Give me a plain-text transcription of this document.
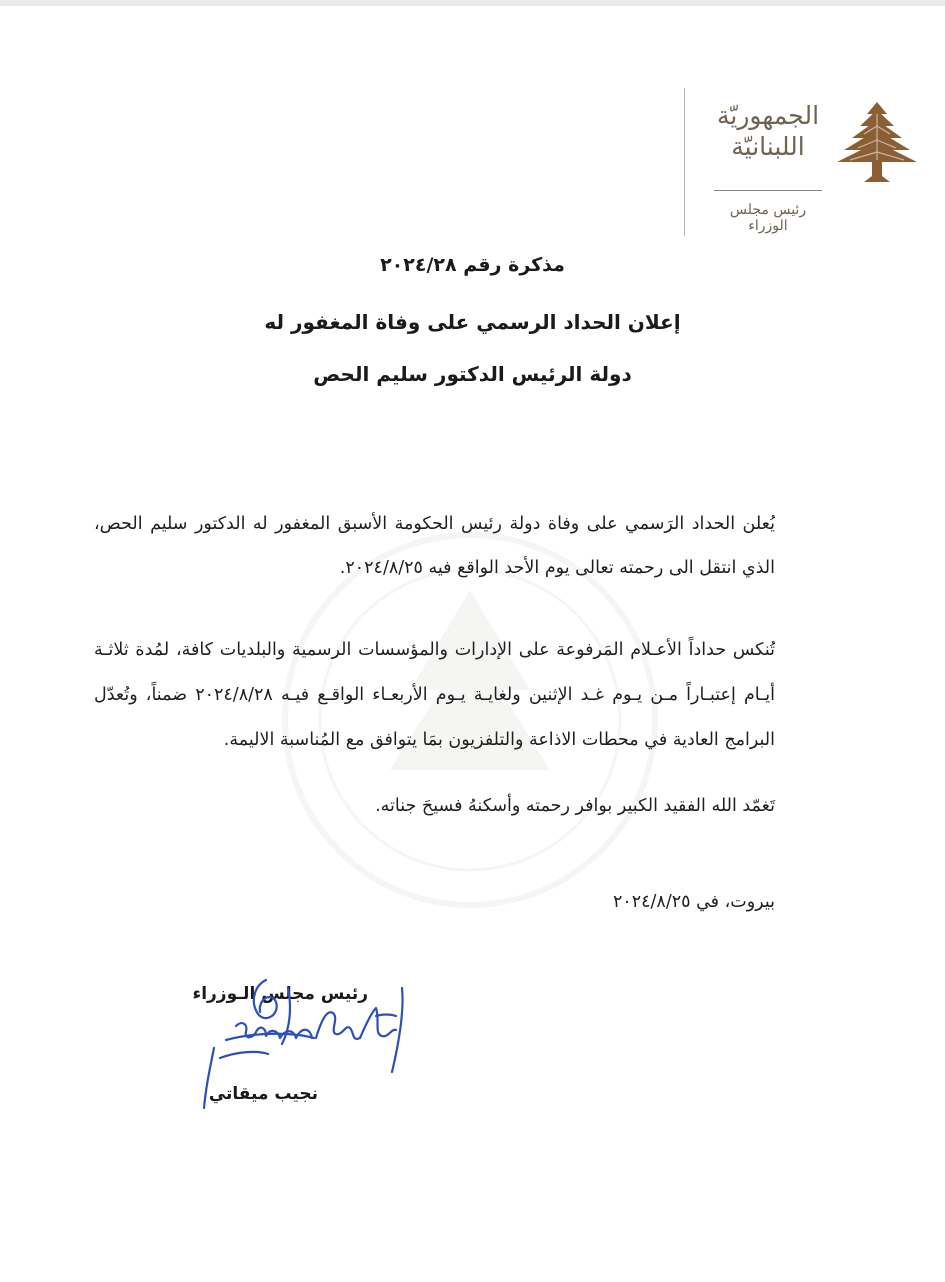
الجمهوريّة
اللبنانيّة
رئيس مجلس الوزراء
مذكرة رقم ٢٠٢٤/٢٨
إعلان الحداد الرسمي على وفاة المغفور له
دولة الرئيس الدكتور سليم الحص
يُعلن الحداد الرَسمي على وفاة دولة رئيس الحكومة الأسبق المغفور له الدكتور سليم الحص، الذي انتقل الى رحمته تعالى يوم الأحد الواقع فيه ٢٠٢٤/٨/٢٥.
تُنكس حداداً الأعـلام المَرفوعة على الإدارات والمؤسسات الرسمية والبلديات كافة، لمُدة ثلاثـة أيـام إعتبـاراً مـن يـوم غـد الإثنين ولغايـة يـوم الأربعـاء الواقـع فيـه ٢٠٢٤/٨/٢٨ ضمناً، وتُعدّل البرامج العادية في محطات الاذاعة والتلفزيون بمَا يتوافق مع المُناسبة الاليمة.
تَغمّد الله الفقيد الكبير بوافر رحمته وأسكنهُ فسيحَ جناته.
بيروت، في ٢٠٢٤/٨/٢٥
رئيس مجلس الـوزراء
نجيب ميقاتي
